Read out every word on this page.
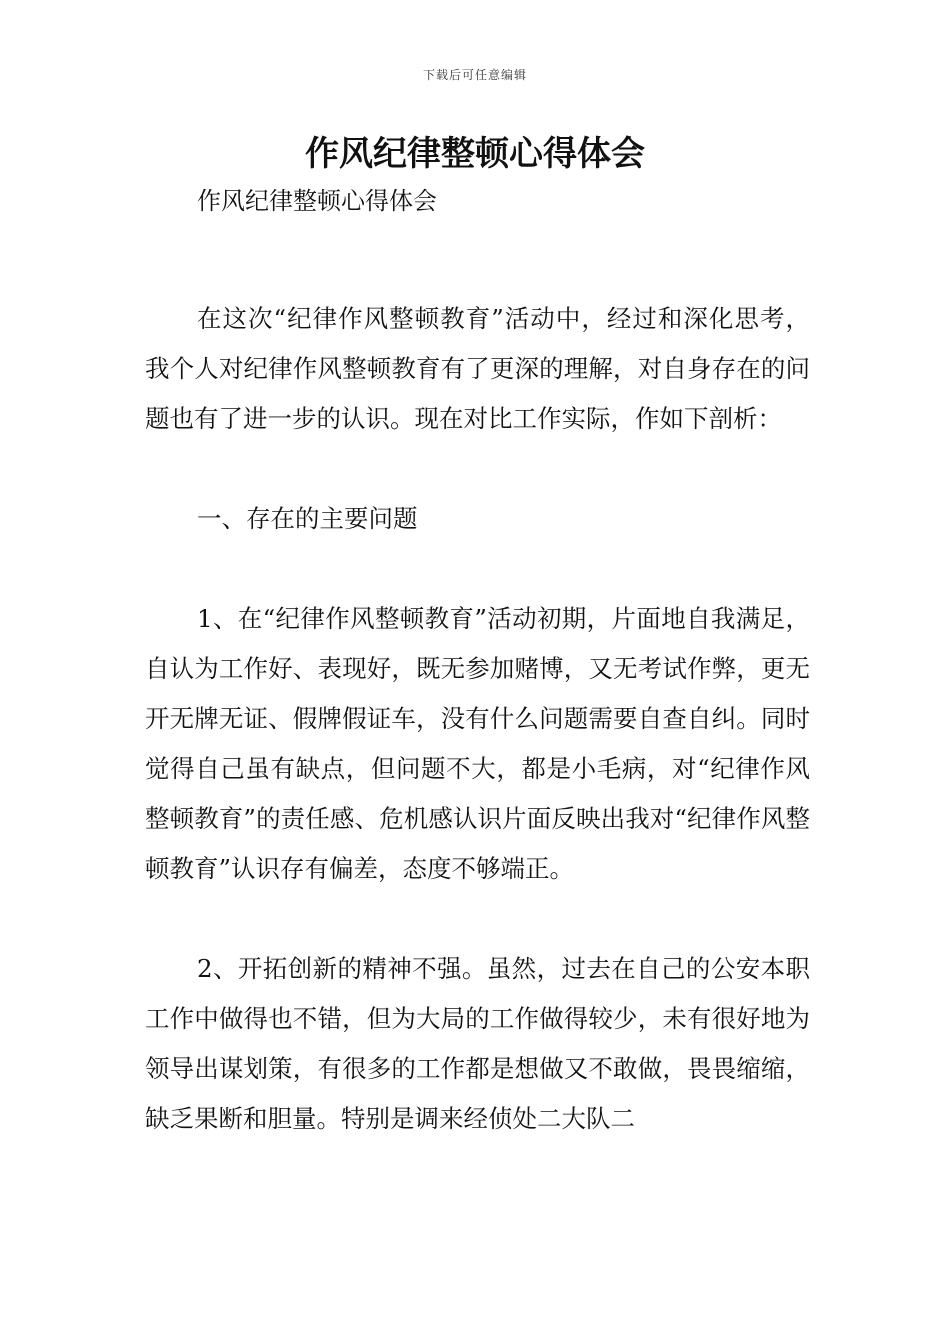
下载后可任意编辑
作风纪律整顿心得体会

作风纪律整顿心得体会

在这次“纪律作风整顿教育”活动中，经过和深化思考，我个人对纪律作风整顿教育有了更深的理解，对自身存在的问题也有了进一步的认识。现在对比工作实际，作如下剖析：

一、存在的主要问题

1、在“纪律作风整顿教育”活动初期，片面地自我满足，自认为工作好、表现好，既无参加赌博，又无考试作弊，更无开无牌无证、假牌假证车，没有什么问题需要自查自纠。同时觉得自己虽有缺点，但问题不大，都是小毛病，对“纪律作风整顿教育”的责任感、危机感认识片面反映出我对“纪律作风整顿教育”认识存有偏差，态度不够端正。

2、开拓创新的精神不强。虽然，过去在自己的公安本职工作中做得也不错，但为大局的工作做得较少，未有很好地为领导出谋划策，有很多的工作都是想做又不敢做，畏畏缩缩，缺乏果断和胆量。特别是调来经侦处二大队二
